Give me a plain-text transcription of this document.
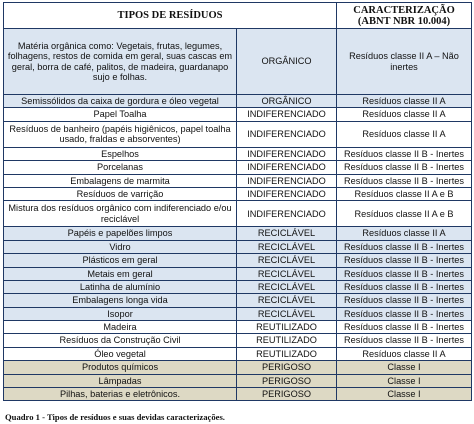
TIPOS DE RESÍDUOS		CARACTERIZAÇÃO
(ABNT NBR 10.004)

Matéria orgânica como: Vegetais, frutas, legumes, folhagens, restos de comida em geral, suas cascas em geral, borra de café, palitos, de madeira, guardanapo sujo e folhas.	ORGÂNICO	Resíduos classe II A – Não inertes
Semissólidos da caixa de gordura e óleo vegetal	ORGÂNICO	Resíduos classe II A
Papel Toalha	INDIFERENCIADO	Resíduos classe II A
Resíduos de banheiro (papéis higiênicos, papel toalha usado, fraldas e absorventes)	INDIFERENCIADO	Resíduos classe II A
Espelhos	INDIFERENCIADO	Resíduos classe II B - Inertes
Porcelanas	INDIFERENCIADO	Resíduos classe II B - Inertes
Embalagens de marmita	INDIFERENCIADO	Resíduos classe II B - Inertes
Resíduos de varrição	INDIFERENCIADO	Resíduos classe II A e B
Mistura dos resíduos orgânico com indiferenciado e/ou reciclável	INDIFERENCIADO	Resíduos classe II A e B
Papéis e papelões limpos	RECICLÁVEL	Resíduos classe II A
Vidro	RECICLÁVEL	Resíduos classe II B - Inertes
Plásticos em geral	RECICLÁVEL	Resíduos classe II B - Inertes
Metais em geral	RECICLÁVEL	Resíduos classe II B - Inertes
Latinha de alumínio	RECICLÁVEL	Resíduos classe II B - Inertes
Embalagens longa vida	RECICLÁVEL	Resíduos classe II B - Inertes
Isopor	RECICLÁVEL	Resíduos classe II B - Inertes
Madeira	REUTILIZADO	Resíduos classe II B - Inertes
Resíduos da Construção Civil	REUTILIZADO	Resíduos classe II B - Inertes
Óleo vegetal	REUTILIZADO	Resíduos classe II A
Produtos químicos	PERIGOSO	Classe I
Lâmpadas	PERIGOSO	Classe I
Pilhas, baterias e eletrônicos.	PERIGOSO	Classe I
Quadro 1 - Tipos de resíduos e suas devidas caracterizações.
